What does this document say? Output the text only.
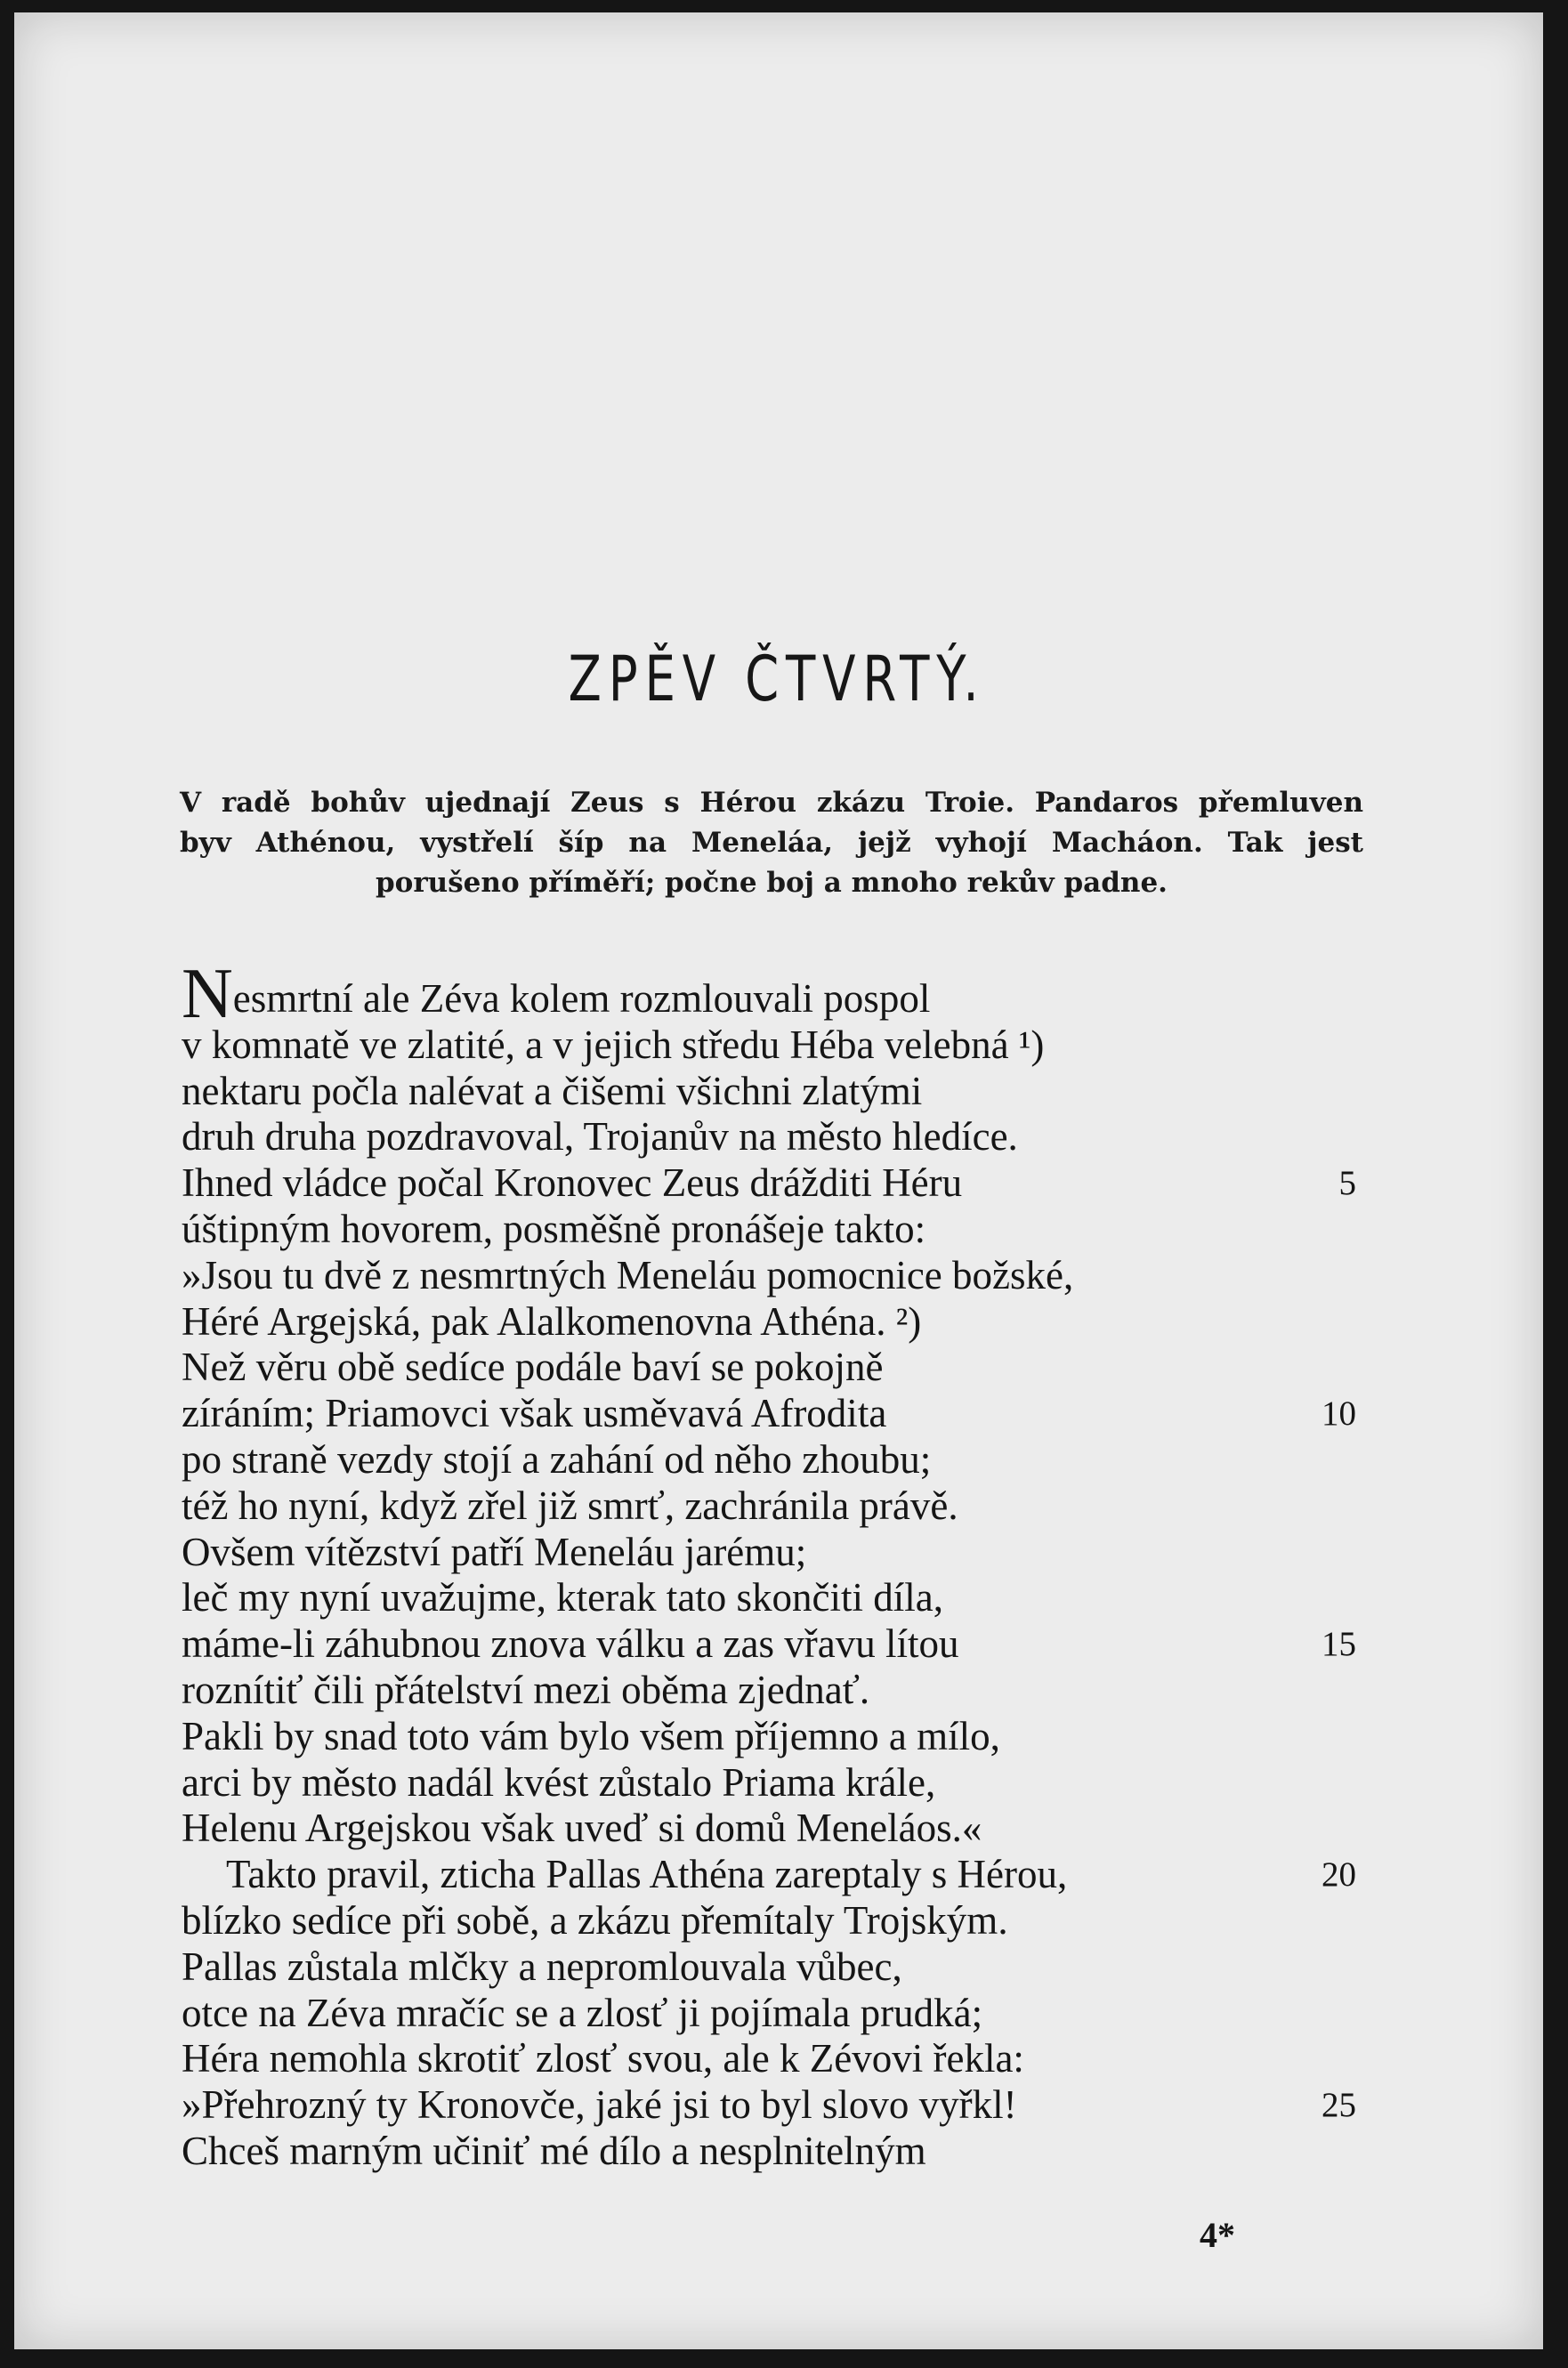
ZPĚV ČTVRTÝ.
V radě bohův ujednají Zeus s Hérou zkázu Troie. Pandaros přemluven
byv Athénou, vystřelí šíp na Meneláa, jejž vyhojí Macháon. Tak jest
porušeno příměří; počne boj a mnoho rekův padne.
Nesmrtní ale Zéva kolem rozmlouvali pospol
v komnatě ve zlatité, a v jejich středu Héba velebná ¹)
nektaru počla nalévat a čišemi všichni zlatými
druh druha pozdravoval, Trojanův na město hledíce.
Ihned vládce počal Kronovec Zeus drážditi Héru	5
úštipným hovorem, posměšně pronášeje takto:
»Jsou tu dvě z nesmrtných Meneláu pomocnice božské,
Héré Argejská, pak Alalkomenovna Athéna. ²)
Než věru obě sedíce podále baví se pokojně
zíráním; Priamovci však usměvavá Afrodita	10
po straně vezdy stojí a zahání od něho zhoubu;
též ho nyní, když zřel již smrť, zachránila právě.
Ovšem vítězství patří Meneláu jarému;
leč my nyní uvažujme, kterak tato skončiti díla,
máme-li záhubnou znova válku a zas vřavu lítou	15
roznítiť čili přátelství mezi oběma zjednať.
Pakli by snad toto vám bylo všem příjemno a mílo,
arci by město nadál kvést zůstalo Priama krále,
Helenu Argejskou však uveď si domů Meneláos.«
Takto pravil, zticha Pallas Athéna zareptaly s Hérou,	20
blízko sedíce při sobě, a zkázu přemítaly Trojským.
Pallas zůstala mlčky a nepromlouvala vůbec,
otce na Zéva mračíc se a zlosť ji pojímala prudká;
Héra nemohla skrotiť zlosť svou, ale k Zévovi řekla:
»Přehrozný ty Kronovče, jaké jsi to byl slovo vyřkl!	25
Chceš marným učiniť mé dílo a nesplnitelným
4*
